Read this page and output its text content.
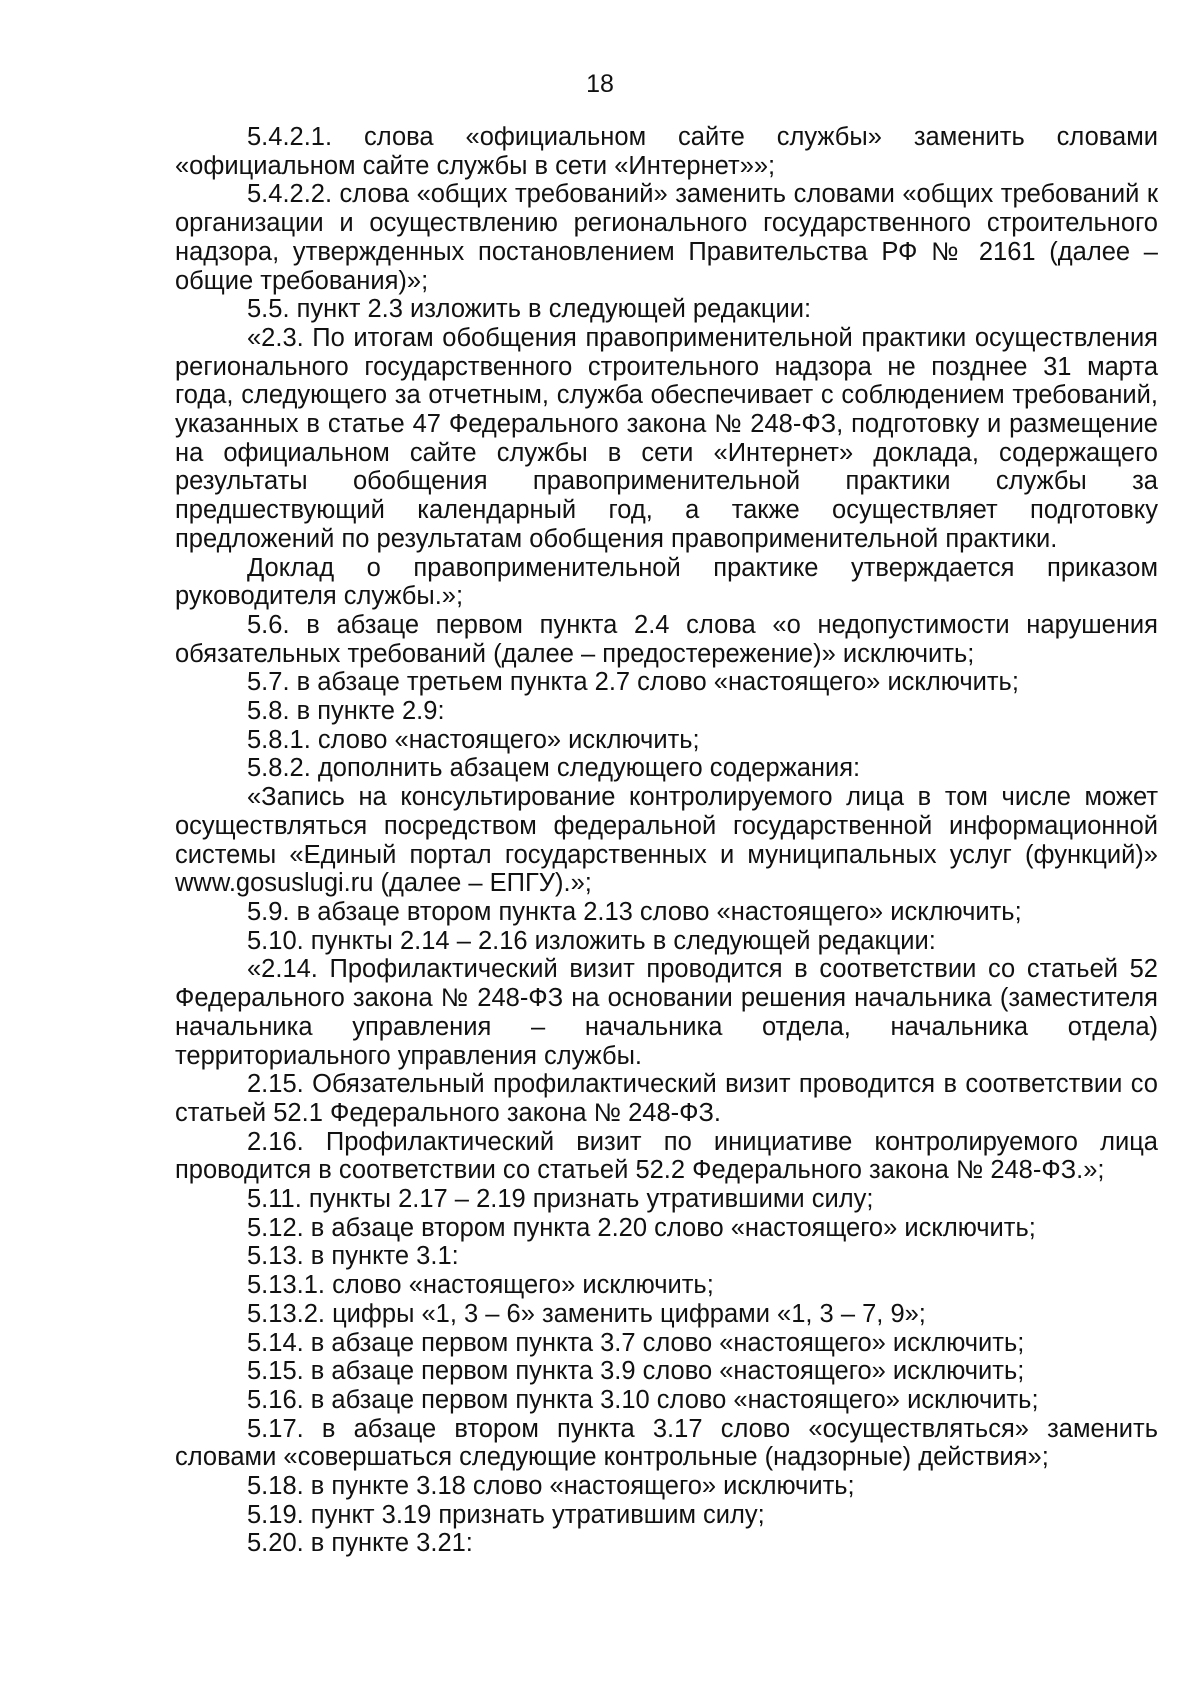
18

5.4.2.1. слова «официальном сайте службы» заменить словами «официальном сайте службы в сети «Интернет»»;

5.4.2.2. слова «общих требований» заменить словами «общих требований к организации и осуществлению регионального государственного строительного надзора, утвержденных постановлением Правительства РФ № 2161 (далее – общие требования)»;

5.5. пункт 2.3 изложить в следующей редакции:

«2.3. По итогам обобщения правоприменительной практики осуществления регионального государственного строительного надзора не позднее 31 марта года, следующего за отчетным, служба обеспечивает с соблюдением требований, указанных в статье 47 Федерального закона № 248-ФЗ, подготовку и размещение на официальном сайте службы в сети «Интернет» доклада, содержащего результаты обобщения правоприменительной практики службы за предшествующий календарный год, а также осуществляет подготовку предложений по результатам обобщения правоприменительной практики.

Доклад о правоприменительной практике утверждается приказом руководителя службы.»;

5.6. в абзаце первом пункта 2.4 слова «о недопустимости нарушения обязательных требований (далее – предостережение)» исключить;

5.7. в абзаце третьем пункта 2.7 слово «настоящего» исключить;

5.8. в пункте 2.9:

5.8.1. слово «настоящего» исключить;

5.8.2. дополнить абзацем следующего содержания:

«Запись на консультирование контролируемого лица в том числе может осуществляться посредством федеральной государственной информационной системы «Единый портал государственных и муниципальных услуг (функций)» www.gosuslugi.ru (далее – ЕПГУ).»;

5.9. в абзаце втором пункта 2.13 слово «настоящего» исключить;

5.10. пункты 2.14 – 2.16 изложить в следующей редакции:

«2.14. Профилактический визит проводится в соответствии со статьей 52 Федерального закона № 248-ФЗ на основании решения начальника (заместителя начальника управления – начальника отдела, начальника отдела) территориального управления службы.

2.15. Обязательный профилактический визит проводится в соответствии со статьей 52.1 Федерального закона № 248-ФЗ.

2.16. Профилактический визит по инициативе контролируемого лица проводится в соответствии со статьей 52.2 Федерального закона № 248-ФЗ.»;

5.11. пункты 2.17 – 2.19 признать утратившими силу;

5.12. в абзаце втором пункта 2.20 слово «настоящего» исключить;

5.13. в пункте 3.1:

5.13.1. слово «настоящего» исключить;

5.13.2. цифры «1, 3 – 6» заменить цифрами «1, 3 – 7, 9»;

5.14. в абзаце первом пункта 3.7 слово «настоящего» исключить;

5.15. в абзаце первом пункта 3.9 слово «настоящего» исключить;

5.16. в абзаце первом пункта 3.10 слово «настоящего» исключить;

5.17. в абзаце втором пункта 3.17 слово «осуществляться» заменить словами «совершаться следующие контрольные (надзорные) действия»;

5.18. в пункте 3.18 слово «настоящего» исключить;

5.19. пункт 3.19 признать утратившим силу;

5.20. в пункте 3.21:
